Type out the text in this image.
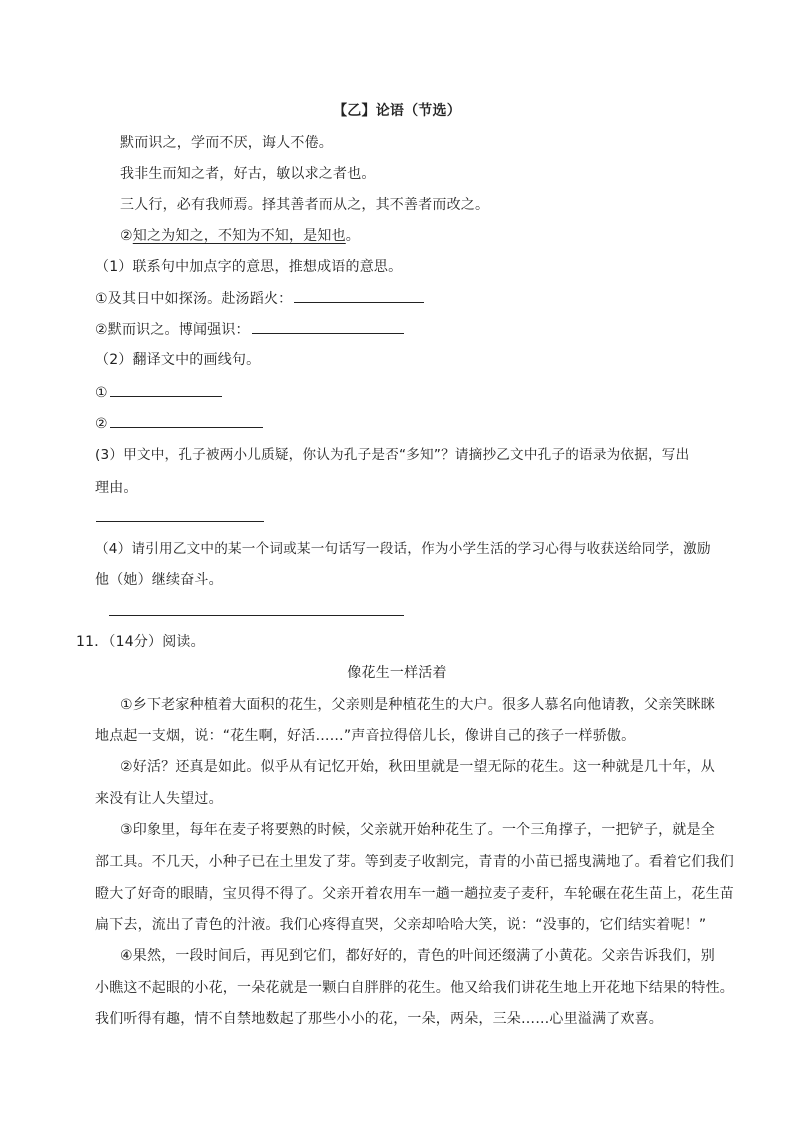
【乙】论语（节选）
默而识之，学而不厌，诲人不倦。
我非生而知之者，好古，敏以求之者也。
三人行，必有我师焉。择其善者而从之，其不善者而改之。
②知之为知之，不知为不知，是知也。
（1）联系句中加点字的意思，推想成语的意思。
①及其日中如探汤。赴汤蹈火：
②默而识之。博闻强识：
（2）翻译文中的画线句。
①
②
(3）甲文中，孔子被两小儿质疑，你认为孔子是否“多知”？请摘抄乙文中孔子的语录为依据，写出
理由。
（4）请引用乙文中的某一个词或某一句话写一段话，作为小学生活的学习心得与收获送给同学，激励
他（她）继续奋斗。
11．（14分）阅读。
像花生一样活着
①乡下老家种植着大面积的花生，父亲则是种植花生的大户。很多人慕名向他请教，父亲笑眯眯
地点起一支烟，说：“花生啊，好活……”声音拉得倍儿长，像讲自己的孩子一样骄傲。
②好活？还真是如此。似乎从有记忆开始，秋田里就是一望无际的花生。这一种就是几十年，从
来没有让人失望过。
③印象里，每年在麦子将要熟的时候，父亲就开始种花生了。一个三角撑子，一把铲子，就是全
部工具。不几天，小种子已在土里发了芽。等到麦子收割完，青青的小苗已摇曳满地了。看着它们我们
瞪大了好奇的眼睛，宝贝得不得了。父亲开着农用车一趟一趟拉麦子麦秆，车轮碾在花生苗上，花生苗
扁下去，流出了青色的汁液。我们心疼得直哭，父亲却哈哈大笑，说：“没事的，它们结实着呢！”
④果然，一段时间后，再见到它们，都好好的，青色的叶间还缀满了小黄花。父亲告诉我们，别
小瞧这不起眼的小花，一朵花就是一颗白自胖胖的花生。他又给我们讲花生地上开花地下结果的特性。
我们听得有趣，情不自禁地数起了那些小小的花，一朵，两朵，三朵……心里溢满了欢喜。
